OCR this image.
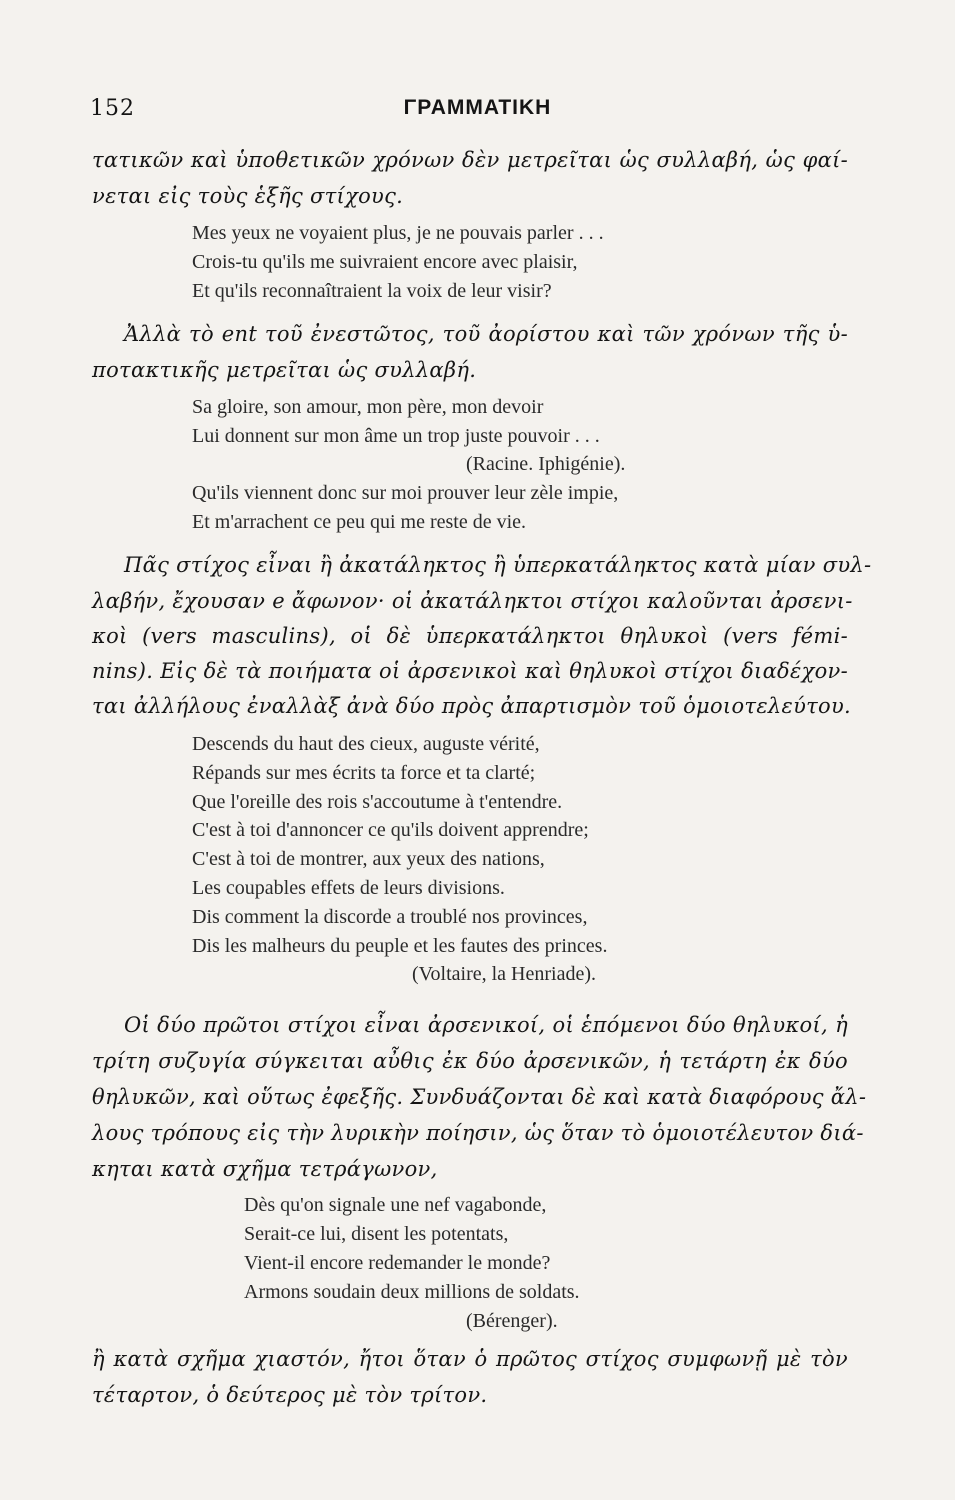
152	ΓΡΑΜΜΑΤΙΚΗ
τατικῶν καὶ ὑποθετικῶν χρόνων δὲν μετρεῖται ὡς συλλαβή, ὡς φαί-
νεται εἰς τοὺς ἑξῆς στίχους.
Mes yeux ne voyaient plus, je ne pouvais parler . . .
Crois-tu qu'ils me suivraient encore avec plaisir,
Et qu'ils reconnaîtraient la voix de leur visir?
Ἀλλὰ τὸ ent τοῦ ἐνεστῶτος, τοῦ ἀορίστου καὶ τῶν χρόνων τῆς ὑ-
ποτακτικῆς μετρεῖται ὡς συλλαβή.
Sa gloire, son amour, mon père, mon devoir
Lui donnent sur mon âme un trop juste pouvoir . . .
(Racine. Iphigénie).
Qu'ils viennent donc sur moi prouver leur zèle impie,
Et m'arrachent ce peu qui me reste de vie.
Πᾶς στίχος εἶναι ἢ ἀκατάληκτος ἢ ὑπερκατάληκτος κατὰ μίαν συλ-
λαβήν, ἔχουσαν e ἄφωνον· οἱ ἀκατάληκτοι στίχοι καλοῦνται ἀρσενι-
κοὶ (vers masculins), οἱ δὲ ὑπερκατάληκτοι θηλυκοὶ (vers fémi-
nins). Εἰς δὲ τὰ ποιήματα οἱ ἀρσενικοὶ καὶ θηλυκοὶ στίχοι διαδέχον-
ται ἀλλήλους ἐναλλὰξ ἀνὰ δύο πρὸς ἀπαρτισμὸν τοῦ ὁμοιοτελεύτου.
Descends du haut des cieux, auguste vérité,
Répands sur mes écrits ta force et ta clarté;
Que l'oreille des rois s'accoutume à t'entendre.
C'est à toi d'annoncer ce qu'ils doivent apprendre;
C'est à toi de montrer, aux yeux des nations,
Les coupables effets de leurs divisions.
Dis comment la discorde a troublé nos provinces,
Dis les malheurs du peuple et les fautes des princes.
(Voltaire, la Henriade).
Οἱ δύο πρῶτοι στίχοι εἶναι ἀρσενικοί, οἱ ἑπόμενοι δύο θηλυκοί, ἡ
τρίτη συζυγία σύγκειται αὖθις ἐκ δύο ἀρσενικῶν, ἡ τετάρτη ἐκ δύο
θηλυκῶν, καὶ οὕτως ἐφεξῆς. Συνδυάζονται δὲ καὶ κατὰ διαφόρους ἄλ-
λους τρόπους εἰς τὴν λυρικὴν ποίησιν, ὡς ὅταν τὸ ὁμοιοτέλευτον διά-
κηται κατὰ σχῆμα τετράγωνον,
Dès qu'on signale une nef vagabonde,
Serait-ce lui, disent les potentats,
Vient-il encore redemander le monde?
Armons soudain deux millions de soldats.
(Bérenger).
ἢ κατὰ σχῆμα χιαστόν, ἤτοι ὅταν ὁ πρῶτος στίχος συμφωνῇ μὲ τὸν
τέταρτον, ὁ δεύτερος μὲ τὸν τρίτον.
